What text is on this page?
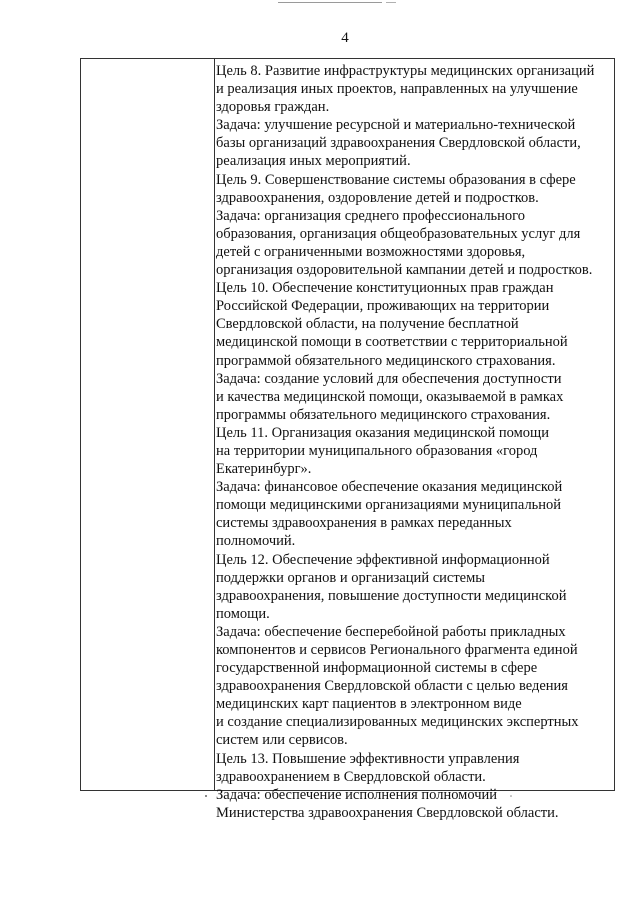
4
Цель 8. Развитие инфраструктуры медицинских организаций
и реализация иных проектов, направленных на улучшение
здоровья граждан.
Задача: улучшение ресурсной и материально-технической
базы организаций здравоохранения Свердловской области,
реализация иных мероприятий.
Цель 9. Совершенствование системы образования в сфере
здравоохранения, оздоровление детей и подростков.
Задача: организация среднего профессионального
образования, организация общеобразовательных услуг для
детей с ограниченными возможностями здоровья,
организация оздоровительной кампании детей и подростков.
Цель 10. Обеспечение конституционных прав граждан
Российской Федерации, проживающих на территории
Свердловской области, на получение бесплатной
медицинской помощи в соответствии с территориальной
программой обязательного медицинского страхования.
Задача: создание условий для обеспечения доступности
и качества медицинской помощи, оказываемой в рамках
программы обязательного медицинского страхования.
Цель 11. Организация оказания медицинской помощи
на территории муниципального образования «город
Екатеринбург».
Задача: финансовое обеспечение оказания медицинской
помощи медицинскими организациями муниципальной
системы здравоохранения в рамках переданных
полномочий.
Цель 12. Обеспечение эффективной информационной
поддержки органов и организаций системы
здравоохранения, повышение доступности медицинской
помощи.
Задача: обеспечение бесперебойной работы прикладных
компонентов и сервисов Регионального фрагмента единой
государственной информационной системы в сфере
здравоохранения Свердловской области с целью ведения
медицинских карт пациентов в электронном виде
и создание специализированных медицинских экспертных
систем или сервисов.
Цель 13. Повышение эффективности управления
здравоохранением в Свердловской области.
Задача: обеспечение исполнения полномочий
Министерства здравоохранения Свердловской области.
